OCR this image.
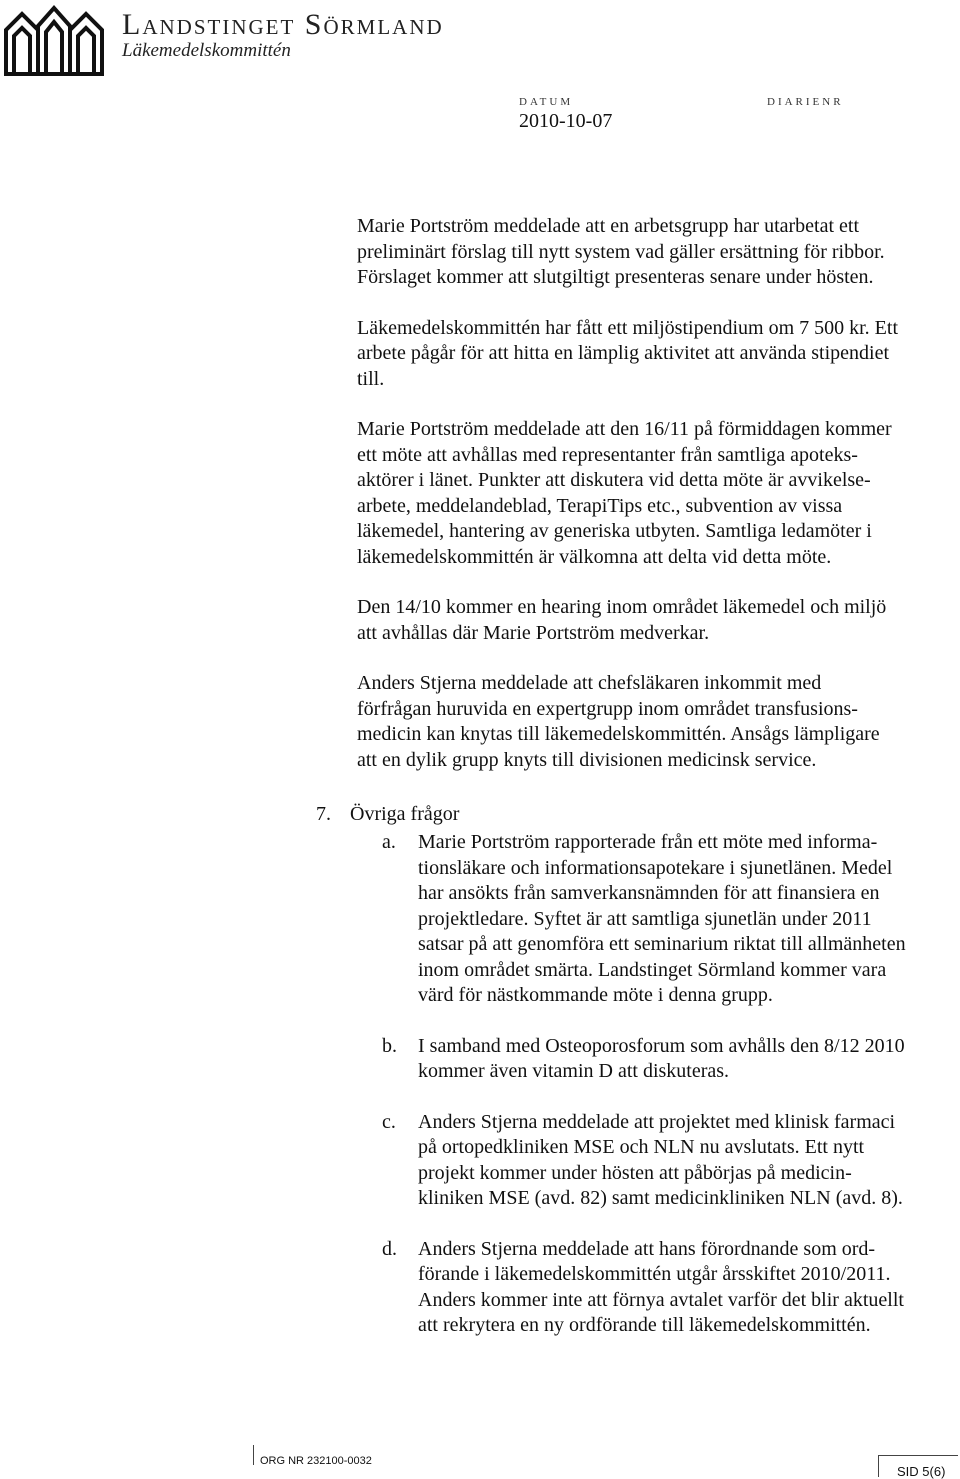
Landstinget Sörmland
Läkemedelskommittén
DATUM
2010-10-07
DIARIENR

Marie Portström meddelade att en arbetsgrupp har utarbetat ett
preliminärt förslag till nytt system vad gäller ersättning för ribbor.
Förslaget kommer att slutgiltigt presenteras senare under hösten.

Läkemedelskommittén har fått ett miljöstipendium om 7 500 kr. Ett
arbete pågår för att hitta en lämplig aktivitet att använda stipendiet
till.

Marie Portström meddelade att den 16/11 på förmiddagen kommer
ett möte att avhållas med representanter från samtliga apoteks-
aktörer i länet. Punkter att diskutera vid detta möte är avvikelse-
arbete, meddelandeblad, TerapiTips etc., subvention av vissa
läkemedel, hantering av generiska utbyten. Samtliga ledamöter i
läkemedelskommittén är välkomna att delta vid detta möte.

Den 14/10 kommer en hearing inom området läkemedel och miljö
att avhållas där Marie Portström medverkar.

Anders Stjerna meddelade att chefsläkaren inkommit med
förfrågan huruvida en expertgrupp inom området transfusions-
medicin kan knytas till läkemedelskommittén. Ansågs lämpligare
att en dylik grupp knyts till divisionen medicinsk service.

7. Övriga frågor
a.	Marie Portström rapporterade från ett möte med informa-
tionsläkare och informationsapotekare i sjunetlänen. Medel
har ansökts från samverkansnämnden för att finansiera en
projektledare. Syftet är att samtliga sjunetlän under 2011
satsar på att genomföra ett seminarium riktat till allmänheten
inom området smärta. Landstinget Sörmland kommer vara
värd för nästkommande möte i denna grupp.
b.	I samband med Osteoporosforum som avhålls den 8/12 2010
kommer även vitamin D att diskuteras.
c.	Anders Stjerna meddelade att projektet med klinisk farmaci
på ortopedkliniken MSE och NLN nu avslutats. Ett nytt
projekt kommer under hösten att påbörjas på medicin-
kliniken MSE (avd. 82) samt medicinkliniken NLN (avd. 8).
d.	Anders Stjerna meddelade att hans förordnande som ord-
förande i läkemedelskommittén utgår årsskiftet 2010/2011.
Anders kommer inte att förnya avtalet varför det blir aktuellt
att rekrytera en ny ordförande till läkemedelskommittén.
ORG NR 232100-0032
SID 5(6)
